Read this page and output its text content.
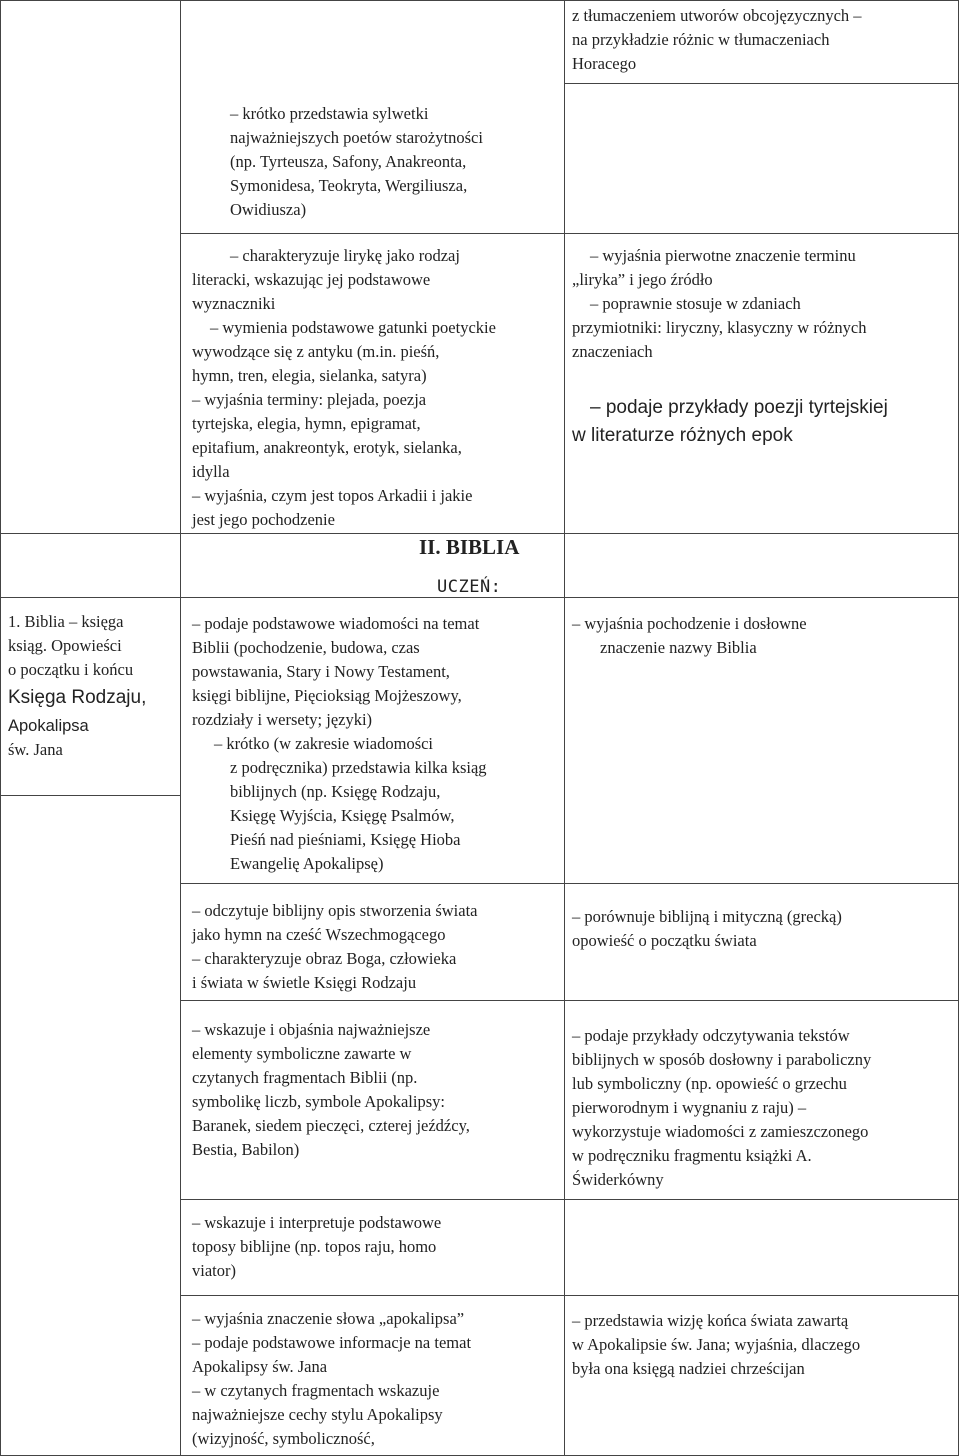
z tłumaczeniem utworów obcojęzycznych –
na przykładzie różnic w tłumaczeniach
Horacego
– krótko przedstawia sylwetki
najważniejszych poetów starożytności
(np. Tyrteusza, Safony, Anakreonta,
Symonidesa, Teokryta, Wergiliusza,
Owidiusza)
– charakteryzuje lirykę jako rodzaj
literacki, wskazując jej podstawowe
wyznaczniki
– wymienia podstawowe gatunki poetyckie
wywodzące się z antyku (m.in. pieśń,
hymn, tren, elegia, sielanka, satyra)
– wyjaśnia terminy: plejada, poezja
tyrtejska, elegia, hymn, epigramat,
epitafium, anakreontyk, erotyk, sielanka,
idylla
– wyjaśnia, czym jest topos Arkadii i jakie
jest jego pochodzenie
– wyjaśnia pierwotne znaczenie terminu
„liryka” i jego źródło
– poprawnie stosuje w zdaniach
przymiotniki: liryczny, klasyczny w różnych
znaczeniach
– podaje przykłady poezji tyrtejskiej
w literaturze różnych epok
II. BIBLIA
UCZEŃ:
1. Biblia – księga
ksiąg. Opowieści
o początku i końcu
Księga Rodzaju,
Apokalipsa
św. Jana
– podaje podstawowe wiadomości na temat
Biblii (pochodzenie, budowa, czas
powstawania, Stary i Nowy Testament,
księgi biblijne, Pięcioksiąg Mojżeszowy,
rozdziały i wersety; języki)
– krótko (w zakresie wiadomości
z podręcznika) przedstawia kilka ksiąg
biblijnych (np. Księgę Rodzaju,
Księgę Wyjścia, Księgę Psalmów,
Pieśń nad pieśniami, Księgę Hioba
Ewangelię Apokalipsę)
– wyjaśnia pochodzenie i dosłowne
znaczenie nazwy Biblia
– odczytuje biblijny opis stworzenia świata
jako hymn na cześć Wszechmogącego
– charakteryzuje obraz Boga, człowieka
i świata w świetle Księgi Rodzaju
– porównuje biblijną i mityczną (grecką)
opowieść o początku świata
– wskazuje i objaśnia najważniejsze
elementy symboliczne zawarte w
czytanych fragmentach Biblii (np.
symbolikę liczb, symbole Apokalipsy:
Baranek, siedem pieczęci, czterej jeźdźcy,
Bestia, Babilon)
– podaje przykłady odczytywania tekstów
biblijnych w sposób dosłowny i paraboliczny
lub symboliczny (np. opowieść o grzechu
pierworodnym i wygnaniu z raju) –
wykorzystuje wiadomości z zamieszczonego
w podręczniku fragmentu książki A.
Świderkówny
– wskazuje i interpretuje podstawowe
toposy biblijne (np. topos raju, homo
viator)
– wyjaśnia znaczenie słowa „apokalipsa”
– podaje podstawowe informacje na temat
Apokalipsy św. Jana
– w czytanych fragmentach wskazuje
najważniejsze cechy stylu Apokalipsy
(wizyjność, symboliczność,
– przedstawia wizję końca świata zawartą
w Apokalipsie św. Jana; wyjaśnia, dlaczego
była ona księgą nadziei chrześcijan
